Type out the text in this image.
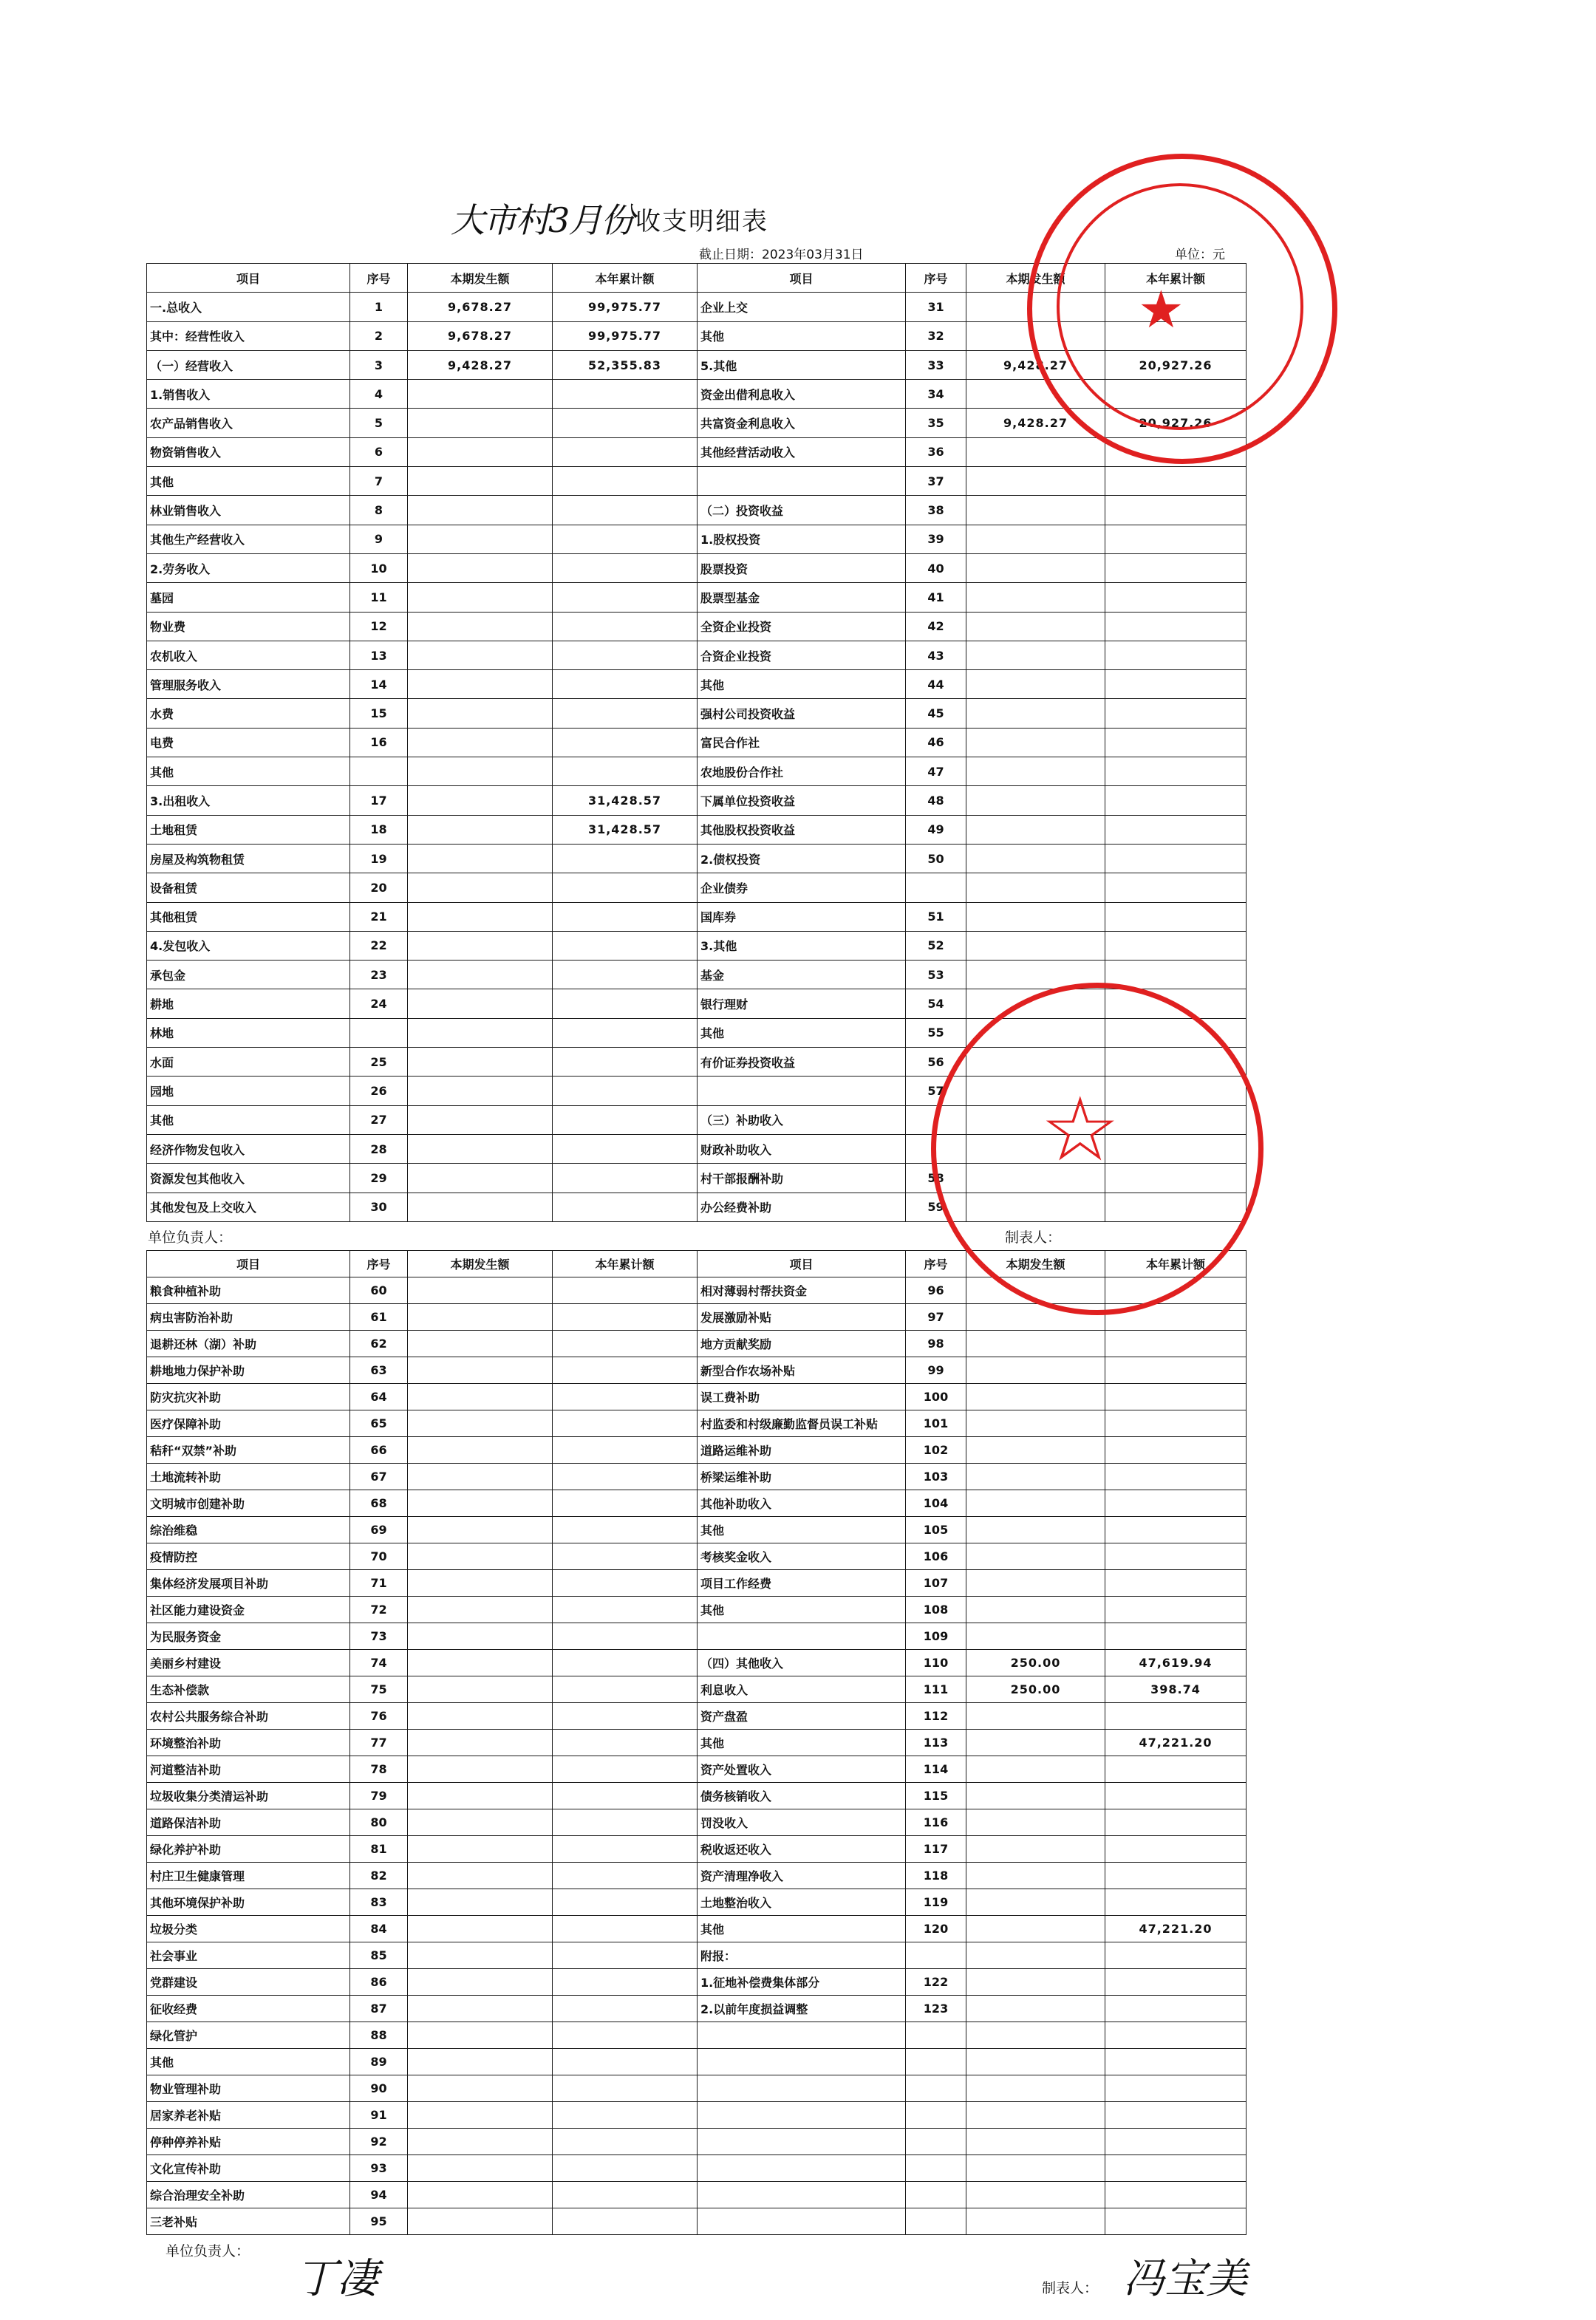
大市村3月份 收支明细表
截止日期：2023年03月31日	单位：元
项目	序号	本期发生额	本年累计额	项目	序号	本期发生额	本年累计额
一.总收入	1	9,678.27	99,975.77	企业上交	31		
其中：经营性收入	2	9,678.27	99,975.77	其他	32		
（一）经营收入	3	9,428.27	52,355.83	5.其他	33	9,428.27	20,927.26
1.销售收入	4			资金出借利息收入	34		
农产品销售收入	5			共富资金利息收入	35	9,428.27	20,927.26
物资销售收入	6			其他经营活动收入	36		
其他	7				37		
林业销售收入	8			（二）投资收益	38		
其他生产经营收入	9			1.股权投资	39		
2.劳务收入	10			股票投资	40		
墓园	11			股票型基金	41		
物业费	12			全资企业投资	42		
农机收入	13			合资企业投资	43		
管理服务收入	14			其他	44		
水费	15			强村公司投资收益	45		
电费	16			富民合作社	46		
其他				农地股份合作社	47		
3.出租收入	17		31,428.57	下属单位投资收益	48		
土地租赁	18		31,428.57	其他股权投资收益	49		
房屋及构筑物租赁	19			2.债权投资	50		
设备租赁	20			企业债券			
其他租赁	21			国库券	51		
4.发包收入	22			3.其他	52		
承包金	23			基金	53		
耕地	24			银行理财	54		
林地				其他	55		
水面	25			有价证券投资收益	56		
园地	26				57		
其他	27			（三）补助收入			
经济作物发包收入	28			财政补助收入			
资源发包其他收入	29			村干部报酬补助	58		
其他发包及上交收入	30			办公经费补助	59		
单位负责人：	制表人：
项目	序号	本期发生额	本年累计额	项目	序号	本期发生额	本年累计额
粮食种植补助	60			相对薄弱村帮扶资金	96		
病虫害防治补助	61			发展激励补贴	97		
退耕还林（湖）补助	62			地方贡献奖励	98		
耕地地力保护补助	63			新型合作农场补贴	99		
防灾抗灾补助	64			误工费补助	100		
医疗保障补助	65			村监委和村级廉勤监督员误工补贴	101		
秸秆“双禁”补助	66			道路运维补助	102		
土地流转补助	67			桥梁运维补助	103		
文明城市创建补助	68			其他补助收入	104		
综治维稳	69			其他	105		
疫情防控	70			考核奖金收入	106		
集体经济发展项目补助	71			项目工作经费	107		
社区能力建设资金	72			其他	108		
为民服务资金	73				109		
美丽乡村建设	74			（四）其他收入	110	250.00	47,619.94
生态补偿款	75			利息收入	111	250.00	398.74
农村公共服务综合补助	76			资产盘盈	112		
环境整治补助	77			其他	113		47,221.20
河道整洁补助	78			资产处置收入	114		
垃圾收集分类清运补助	79			债务核销收入	115		
道路保洁补助	80			罚没收入	116		
绿化养护补助	81			税收返还收入	117		
村庄卫生健康管理	82			资产清理净收入	118		
其他环境保护补助	83			土地整治收入	119		
垃圾分类	84			其他	120		47,221.20
社会事业	85			附报：			
党群建设	86			1.征地补偿费集体部分	122		
征收经费	87			2.以前年度损益调整	123		
绿化管护	88						
其他	89						
物业管理补助	90						
居家养老补贴	91						
停种停养补贴	92						
文化宣传补助	93						
综合治理安全补助	94						
三老补贴	95						
单位负责人：
制表人：
丁凄	冯宝美
★
☆
